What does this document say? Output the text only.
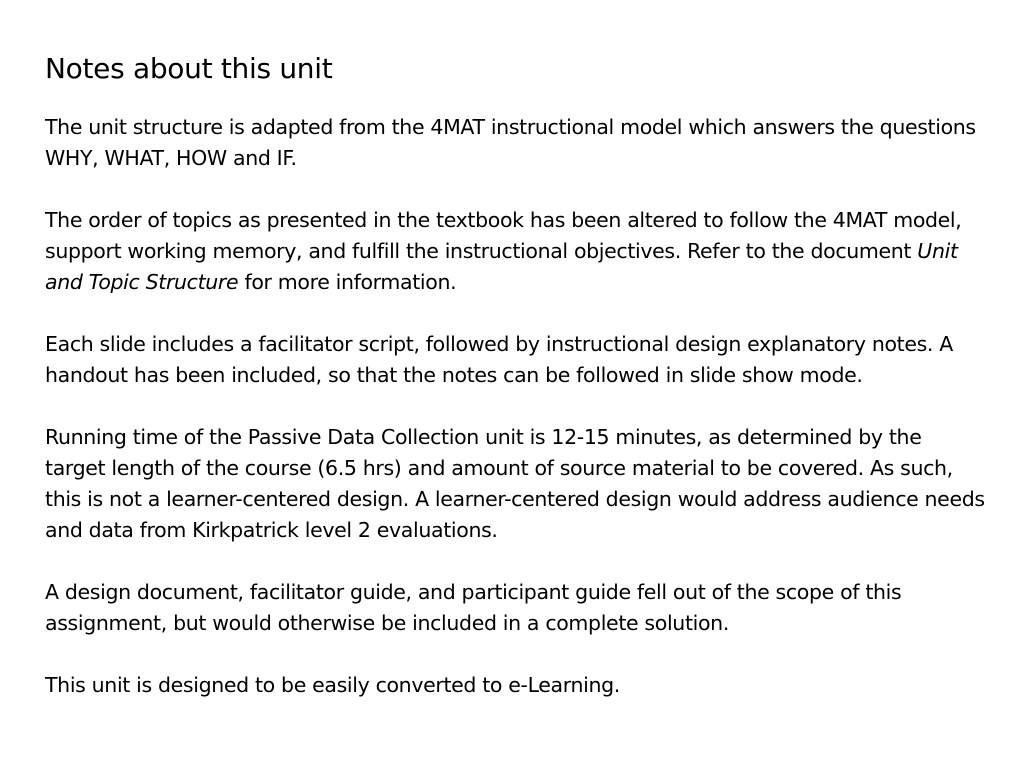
Notes about this unit

The unit structure is adapted from the 4MAT instructional model which answers the questions WHY, WHAT, HOW and IF.

The order of topics as presented in the textbook has been altered to follow the 4MAT model, support working memory, and fulfill the instructional objectives. Refer to the document Unit and Topic Structure for more information.

Each slide includes a facilitator script, followed by instructional design explanatory notes. A handout has been included, so that the notes can be followed in slide show mode.

Running time of the Passive Data Collection unit is 12-15 minutes, as determined by the target length of the course (6.5 hrs) and amount of source material to be covered. As such, this is not a learner-centered design. A learner-centered design would address audience needs and data from Kirkpatrick level 2 evaluations.

A design document, facilitator guide, and participant guide fell out of the scope of this assignment, but would otherwise be included in a complete solution.

This unit is designed to be easily converted to e-Learning.
